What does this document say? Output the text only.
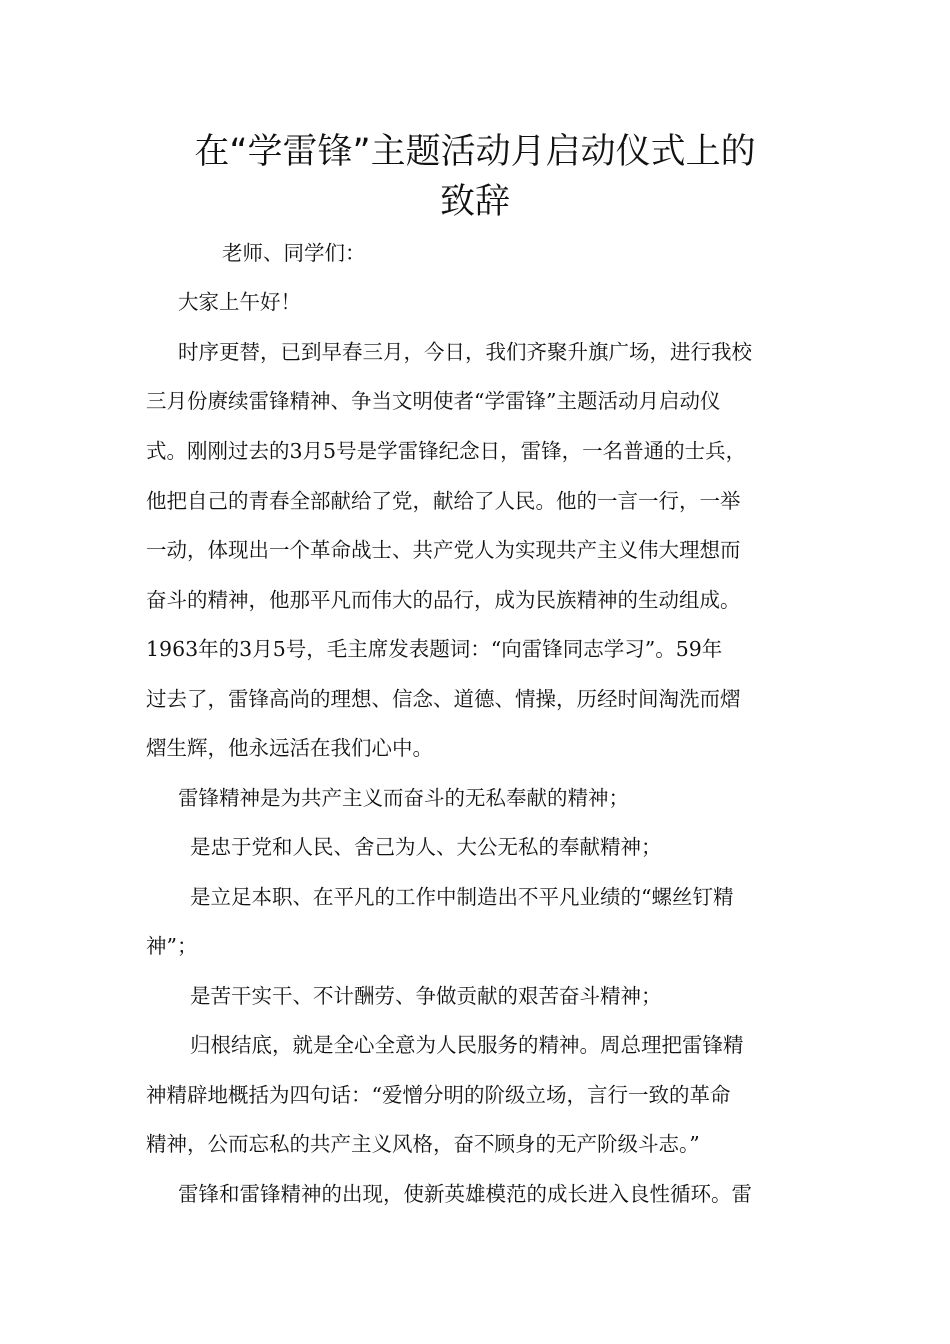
在“学雷锋”主题活动月启动仪式上的
致辞
老师、同学们：
大家上午好！
时序更替，已到早春三月，今日，我们齐聚升旗广场，进行我校
三月份赓续雷锋精神、争当文明使者“学雷锋”主题活动月启动仪
式。刚刚过去的3月5号是学雷锋纪念日，雷锋，一名普通的士兵，
他把自己的青春全部献给了党，献给了人民。他的一言一行，一举
一动，体现出一个革命战士、共产党人为实现共产主义伟大理想而
奋斗的精神，他那平凡而伟大的品行，成为民族精神的生动组成。
1963年的3月5号，毛主席发表题词：“向雷锋同志学习”。59年
过去了，雷锋高尚的理想、信念、道德、情操，历经时间淘洗而熠
熠生辉，他永远活在我们心中。
雷锋精神是为共产主义而奋斗的无私奉献的精神；
是忠于党和人民、舍己为人、大公无私的奉献精神；
是立足本职、在平凡的工作中制造出不平凡业绩的“螺丝钉精
神”；
是苦干实干、不计酬劳、争做贡献的艰苦奋斗精神；
归根结底，就是全心全意为人民服务的精神。周总理把雷锋精
神精辟地概括为四句话：“爱憎分明的阶级立场，言行一致的革命
精神，公而忘私的共产主义风格，奋不顾身的无产阶级斗志。”
雷锋和雷锋精神的出现，使新英雄模范的成长进入良性循环。雷
